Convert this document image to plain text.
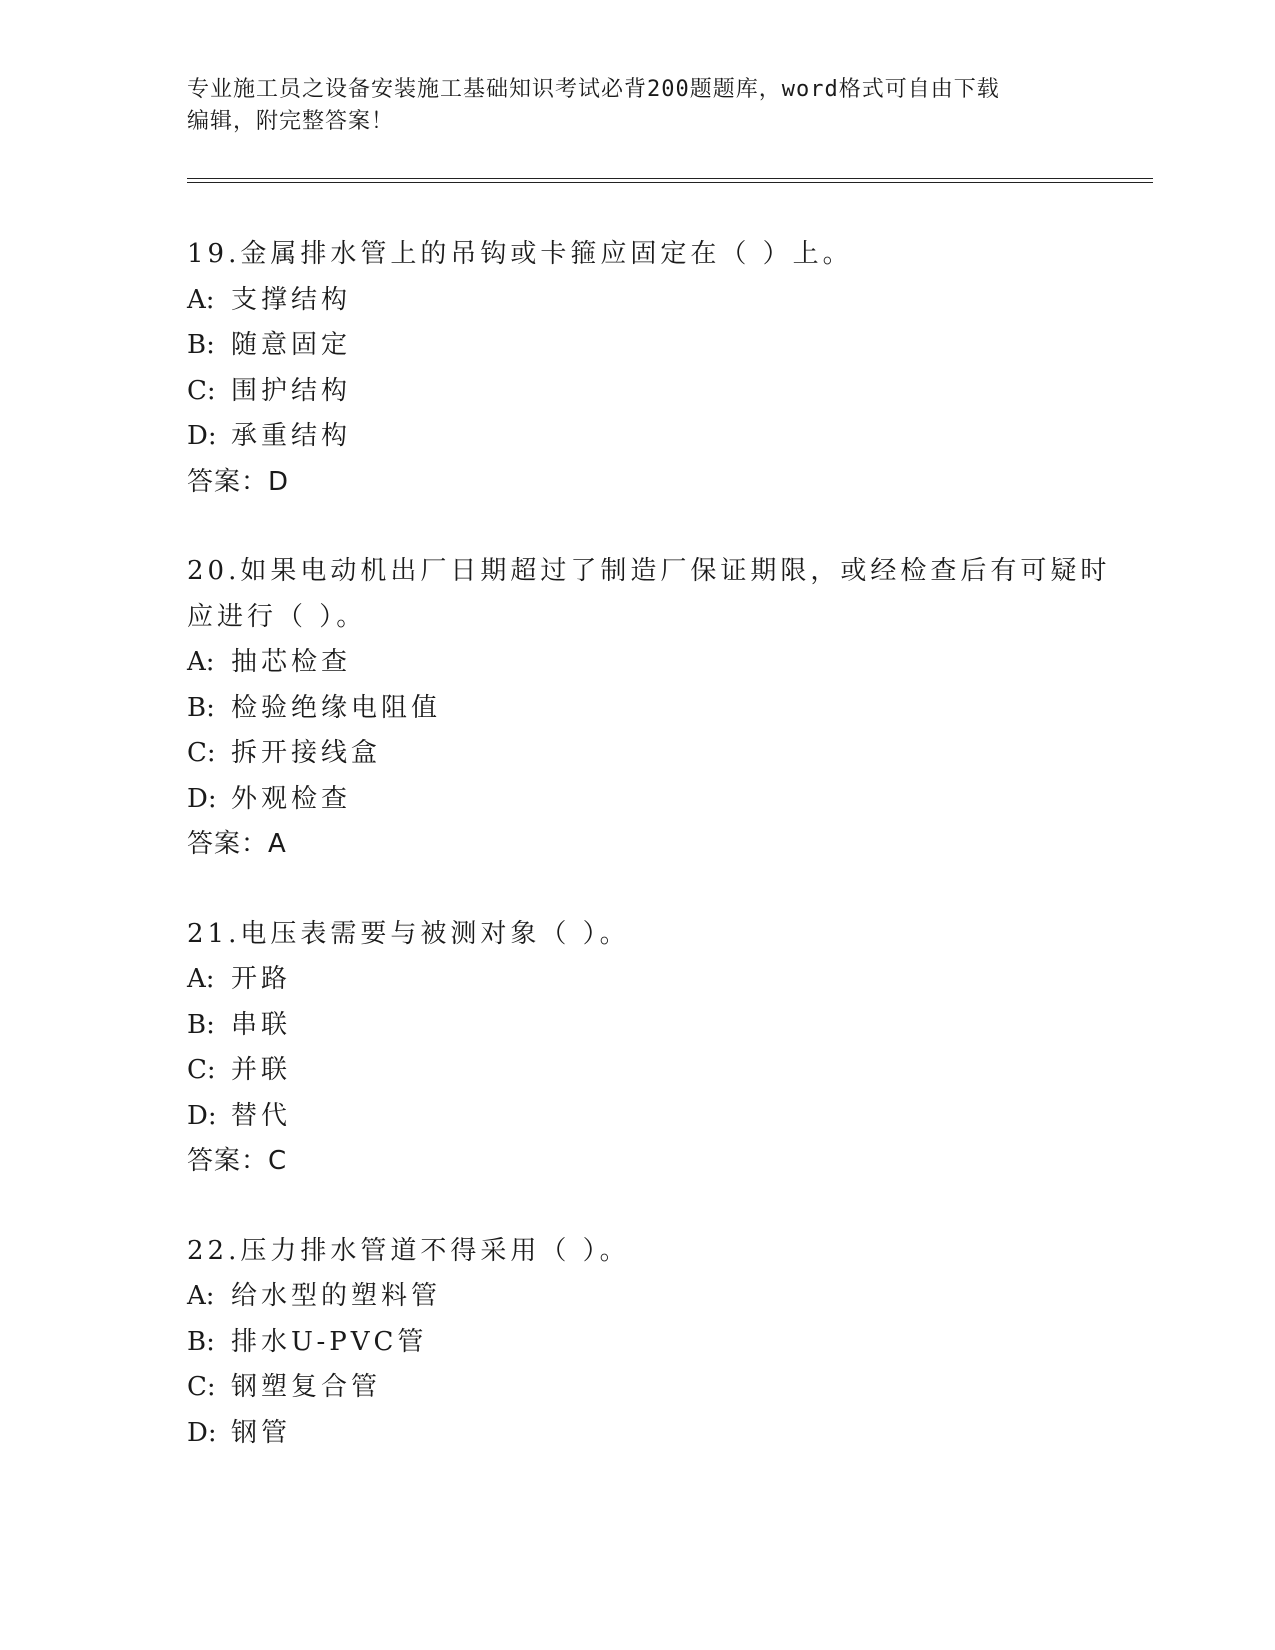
专业施工员之设备安装施工基础知识考试必背200题题库，word格式可自由下载
编辑，附完整答案！
19.金属排水管上的吊钩或卡箍应固定在（ ）上。
A: 支撑结构
B: 随意固定
C: 围护结构
D: 承重结构
答案：D
20.如果电动机出厂日期超过了制造厂保证期限，或经检查后有可疑时
应进行（ ）。
A: 抽芯检查
B: 检验绝缘电阻值
C: 拆开接线盒
D: 外观检查
答案：A
21.电压表需要与被测对象（ ）。
A: 开路
B: 串联
C: 并联
D: 替代
答案：C
22.压力排水管道不得采用（ ）。
A: 给水型的塑料管
B: 排水U-PVC管
C: 钢塑复合管
D: 钢管
